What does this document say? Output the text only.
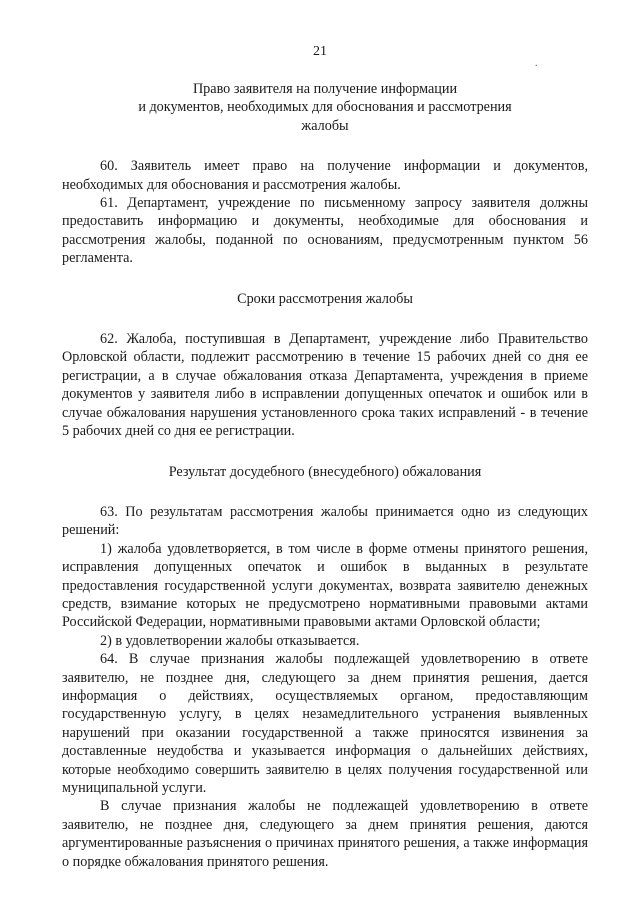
21
.
Право заявителя на получение информации
и документов, необходимых для обоснования и рассмотрения
жалобы

60. Заявитель имеет право на получение информации и документов, необходимых для обоснования и рассмотрения жалобы.

61. Департамент, учреждение по письменному запросу заявителя должны предоставить информацию и документы, необходимые для обоснования и рассмотрения жалобы, поданной по основаниям, предусмотренным пунктом 56 регламента.

Сроки рассмотрения жалобы

62. Жалоба, поступившая в Департамент, учреждение либо Правительство Орловской области, подлежит рассмотрению в течение 15 рабочих дней со дня ее регистрации, а в случае обжалования отказа Департамента, учреждения в приеме документов у заявителя либо в исправлении допущенных опечаток и ошибок или в случае обжалования нарушения установленного срока таких исправлений - в течение 5 рабочих дней со дня ее регистрации.

Результат досудебного (внесудебного) обжалования

63. По результатам рассмотрения жалобы принимается одно из следующих решений:

1) жалоба удовлетворяется, в том числе в форме отмены принятого решения, исправления допущенных опечаток и ошибок в выданных в результате предоставления государственной услуги документах, возврата заявителю денежных средств, взимание которых не предусмотрено нормативными правовыми актами Российской Федерации, нормативными правовыми актами Орловской области;

2) в удовлетворении жалобы отказывается.

64. В случае признания жалобы подлежащей удовлетворению в ответе заявителю, не позднее дня, следующего за днем принятия решения, дается информация о действиях, осуществляемых органом, предоставляющим государственную услугу, в целях незамедлительного устранения выявленных нарушений при оказании государственной а также приносятся извинения за доставленные неудобства и указывается информация о дальнейших действиях, которые необходимо совершить заявителю в целях получения государственной или муниципальной услуги.

В случае признания жалобы не подлежащей удовлетворению в ответе заявителю, не позднее дня, следующего за днем принятия решения, даются аргументированные разъяснения о причинах принятого решения, а также информация о порядке обжалования принятого решения.
